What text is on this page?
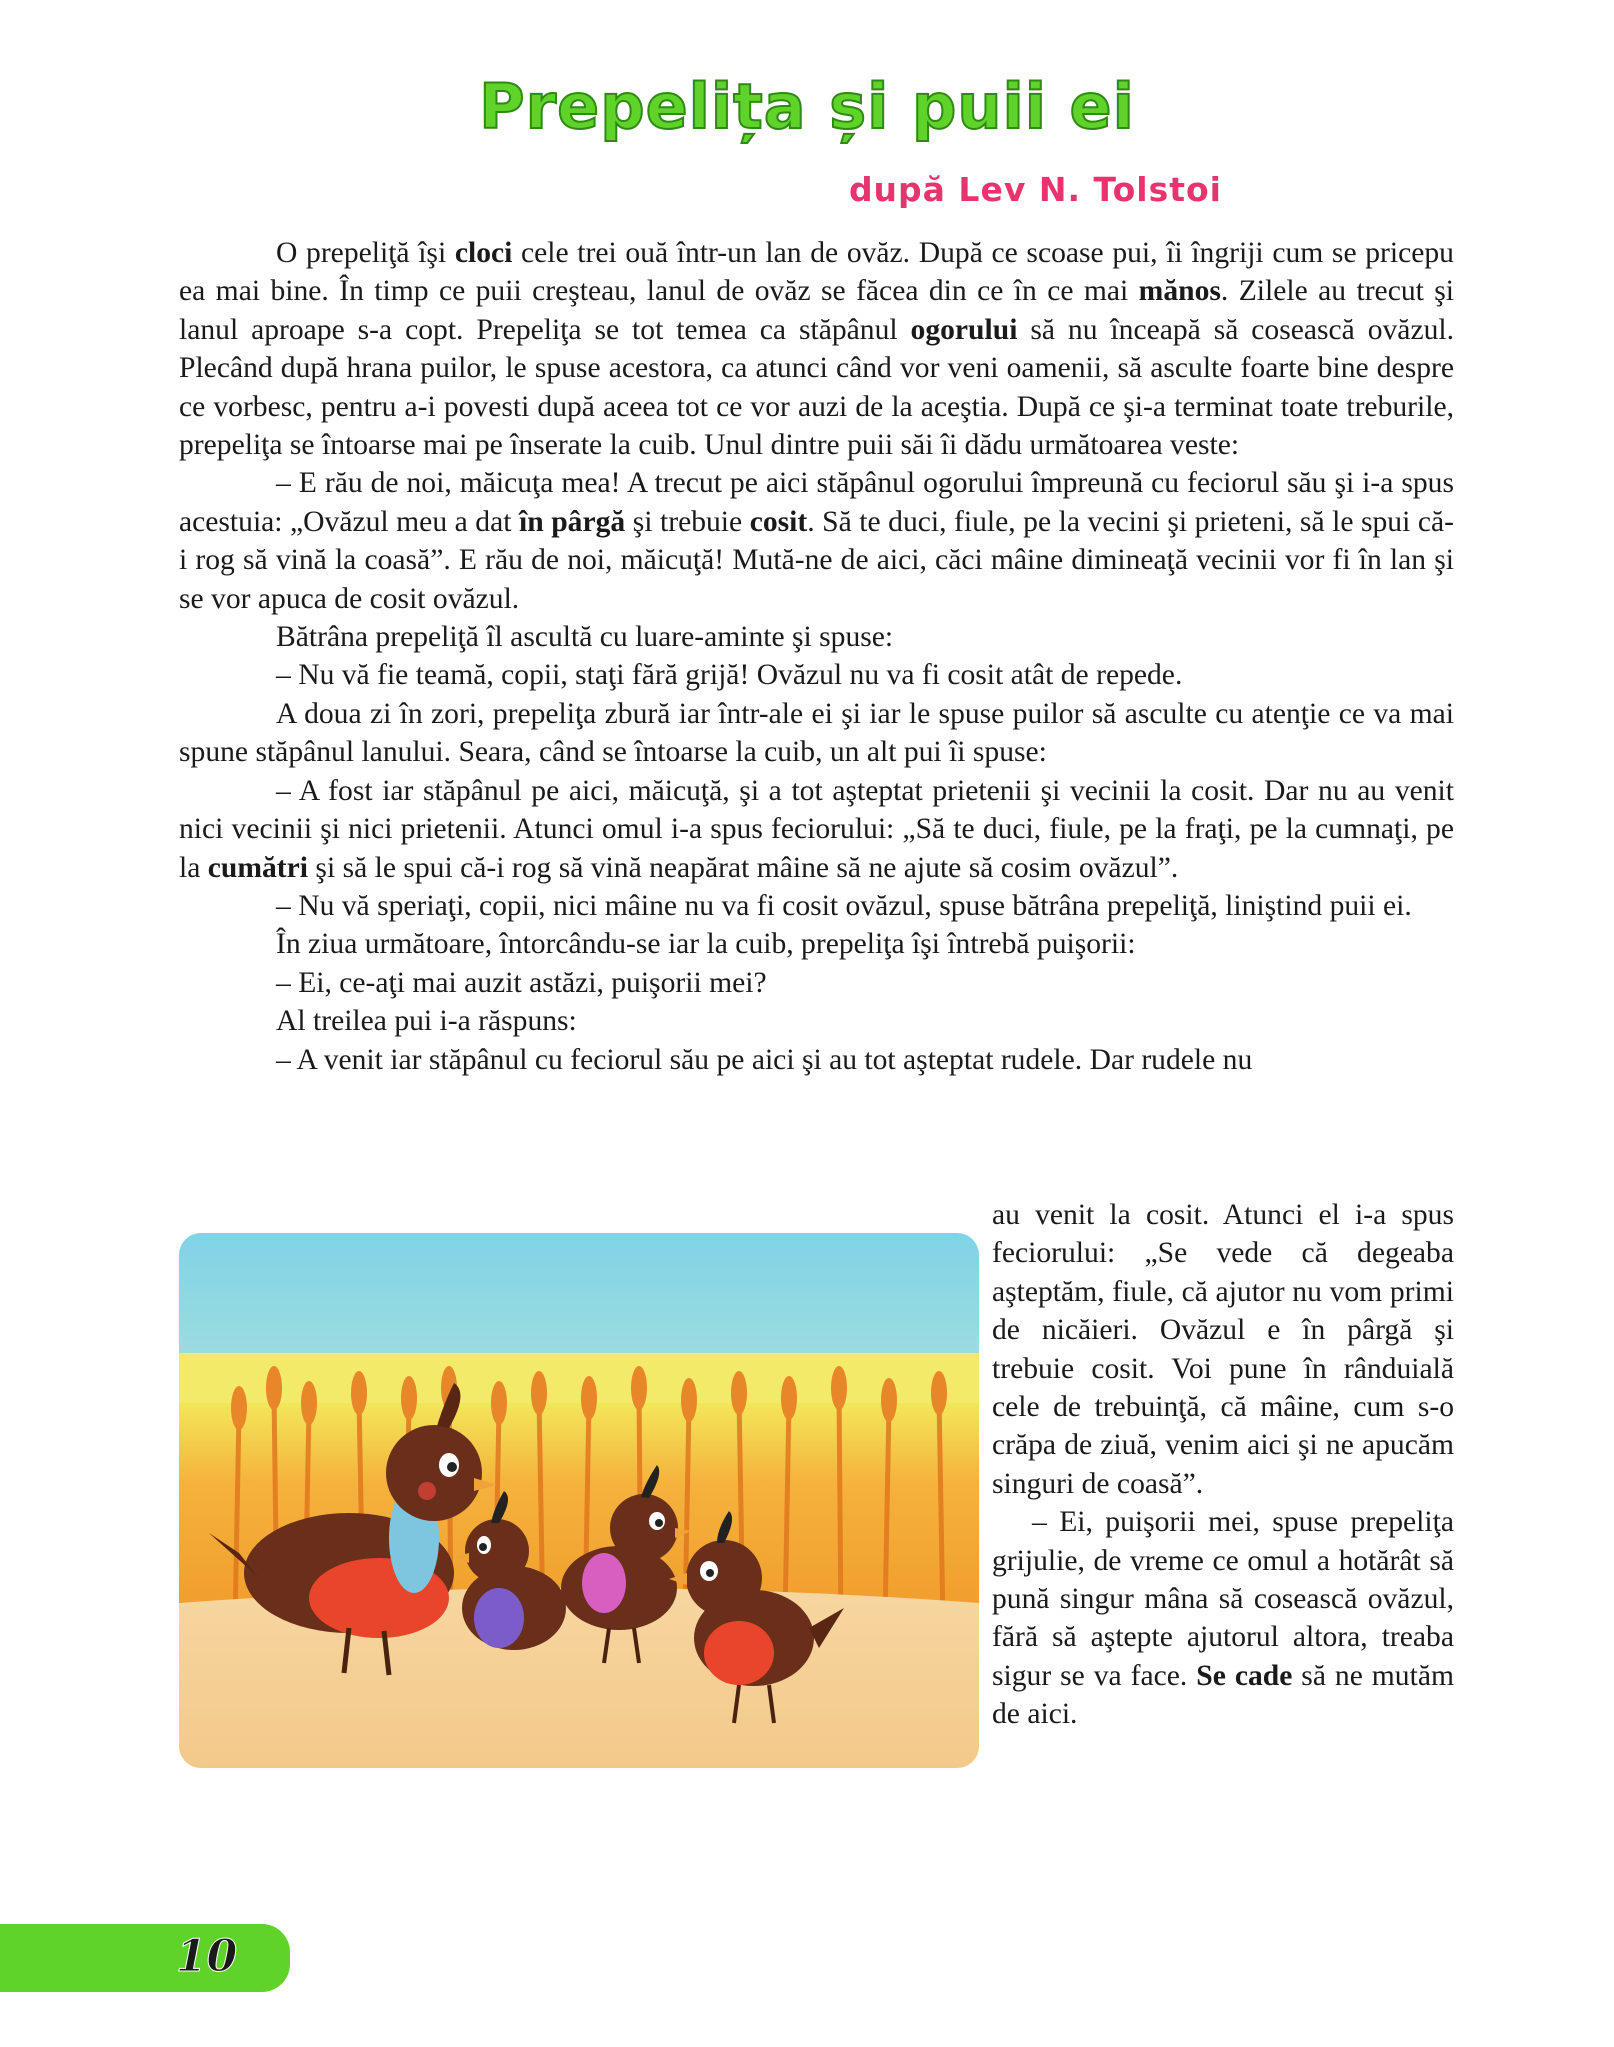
Prepelița și puii ei
după Lev N. Tolstoi

O prepeliţă îşi cloci cele trei ouă într-un lan de ovăz. După ce scoase pui, îi îngriji cum se pricepu ea mai bine. În timp ce puii creşteau, lanul de ovăz se făcea din ce în ce mai mănos. Zilele au trecut şi lanul aproape s-a copt. Prepeliţa se tot temea ca stăpânul ogorului să nu înceapă să cosească ovăzul. Plecând după hrana puilor, le spuse acestora, ca atunci când vor veni oamenii, să asculte foarte bine despre ce vorbesc, pentru a-i povesti după aceea tot ce vor auzi de la aceştia. După ce şi-a terminat toate treburile, prepeliţa se întoarse mai pe înserate la cuib. Unul dintre puii săi îi dădu următoarea veste:

– E rău de noi, măicuţa mea! A trecut pe aici stăpânul ogorului împreună cu feciorul său şi i-a spus acestuia: „Ovăzul meu a dat în pârgă şi trebuie cosit. Să te duci, fiule, pe la vecini şi prieteni, să le spui că-i rog să vină la coasă”. E rău de noi, măicuţă! Mută-ne de aici, căci mâine dimineaţă vecinii vor fi în lan şi se vor apuca de cosit ovăzul.

Bătrâna prepeliţă îl ascultă cu luare-aminte şi spuse:

– Nu vă fie teamă, copii, staţi fără grijă! Ovăzul nu va fi cosit atât de repede.

A doua zi în zori, prepeliţa zbură iar într-ale ei şi iar le spuse puilor să asculte cu atenţie ce va mai spune stăpânul lanului. Seara, când se întoarse la cuib, un alt pui îi spuse:

– A fost iar stăpânul pe aici, măicuţă, şi a tot aşteptat prietenii şi vecinii la cosit. Dar nu au venit nici vecinii şi nici prietenii. Atunci omul i-a spus feciorului: „Să te duci, fiule, pe la fraţi, pe la cumnaţi, pe la cumătri şi să le spui că-i rog să vină neapărat mâine să ne ajute să cosim ovăzul”.

– Nu vă speriaţi, copii, nici mâine nu va fi cosit ovăzul, spuse bătrâna prepeliţă, liniştind puii ei.

În ziua următoare, întorcându-se iar la cuib, prepeliţa îşi întrebă puişorii:

– Ei, ce-aţi mai auzit astăzi, puişorii mei?

Al treilea pui i-a răspuns:

– A venit iar stăpânul cu feciorul său pe aici şi au tot aşteptat rudele. Dar rudele nu

au venit la cosit. Atunci el i-a spus feciorului: „Se vede că degeaba aşteptăm, fiule, că ajutor nu vom primi de nicăieri. Ovăzul e în pârgă şi trebuie cosit. Voi pune în rânduială cele de trebuinţă, că mâine, cum s-o crăpa de ziuă, venim aici şi ne apucăm singuri de coasă”.

– Ei, puişorii mei, spuse prepeliţa grijulie, de vreme ce omul a hotărât să pună singur mâna să cosească ovăzul, fără să aştepte ajutorul altora, treaba sigur se va face. Se cade să ne mutăm de aici.

10
